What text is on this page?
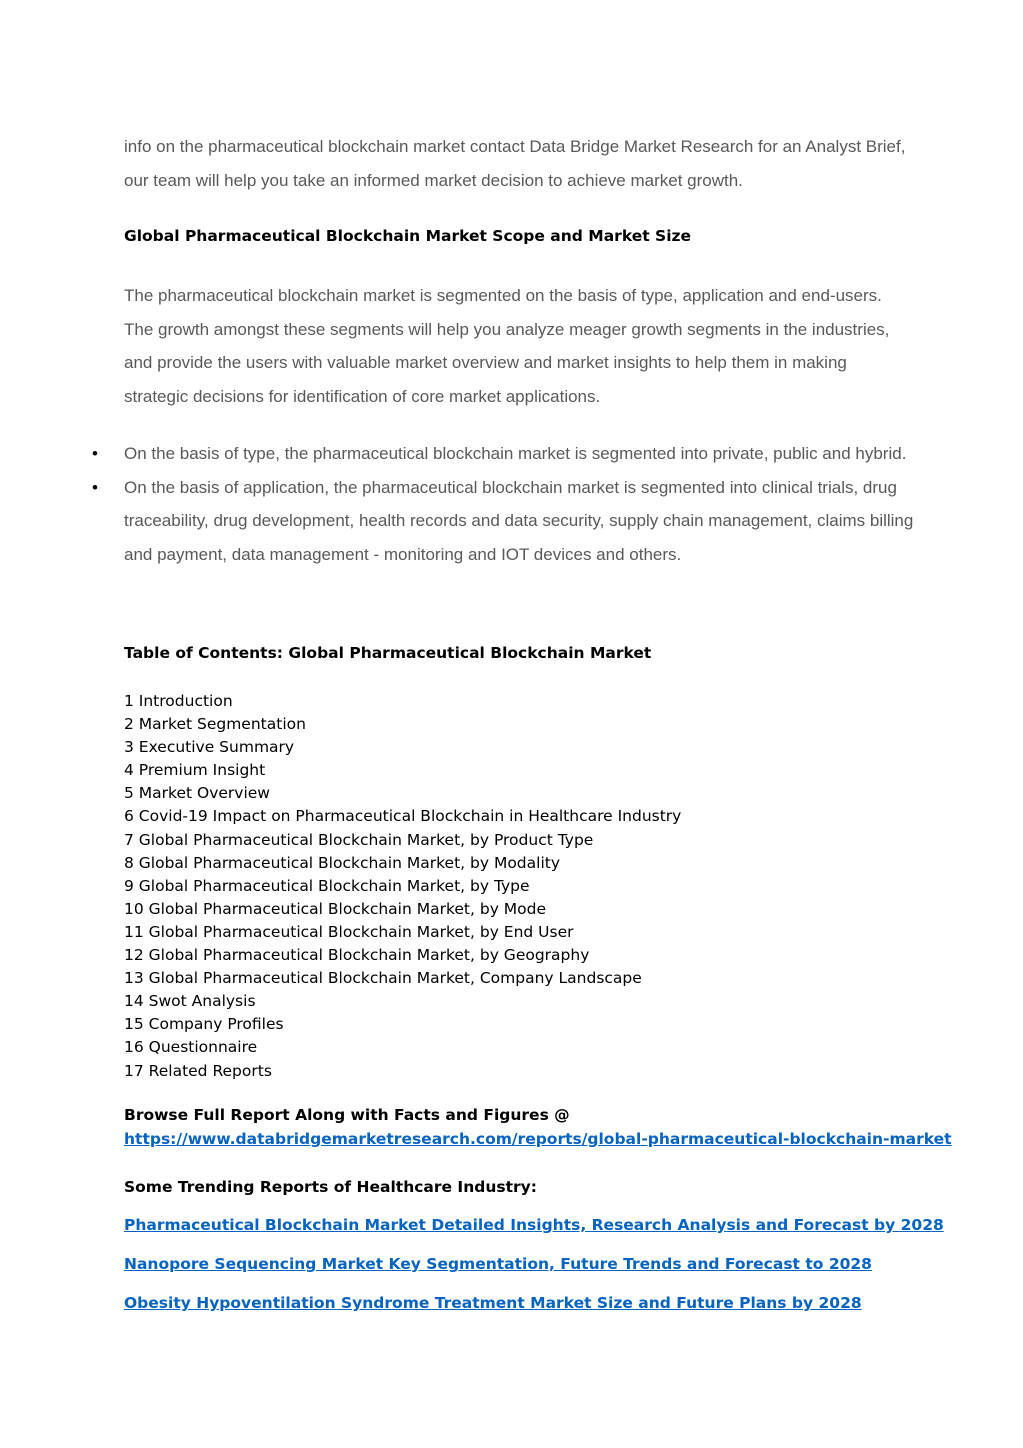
info on the pharmaceutical blockchain market contact Data Bridge Market Research for an Analyst Brief, our team will help you take an informed market decision to achieve market growth.

Global Pharmaceutical Blockchain Market Scope and Market Size

The pharmaceutical blockchain market is segmented on the basis of type, application and end-users. The growth amongst these segments will help you analyze meager growth segments in the industries, and provide the users with valuable market overview and market insights to help them in making strategic decisions for identification of core market applications.

• On the basis of type, the pharmaceutical blockchain market is segmented into private, public and hybrid.
• On the basis of application, the pharmaceutical blockchain market is segmented into clinical trials, drug traceability, drug development, health records and data security, supply chain management, claims billing and payment, data management - monitoring and IOT devices and others.

Table of Contents: Global Pharmaceutical Blockchain Market

1 Introduction
2 Market Segmentation
3 Executive Summary
4 Premium Insight
5 Market Overview
6 Covid-19 Impact on Pharmaceutical Blockchain in Healthcare Industry
7 Global Pharmaceutical Blockchain Market, by Product Type
8 Global Pharmaceutical Blockchain Market, by Modality
9 Global Pharmaceutical Blockchain Market, by Type
10 Global Pharmaceutical Blockchain Market, by Mode
11 Global Pharmaceutical Blockchain Market, by End User
12 Global Pharmaceutical Blockchain Market, by Geography
13 Global Pharmaceutical Blockchain Market, Company Landscape
14 Swot Analysis
15 Company Profiles
16 Questionnaire
17 Related Reports

Browse Full Report Along with Facts and Figures @

https://www.databridgemarketresearch.com/reports/global-pharmaceutical-blockchain-market

Some Trending Reports of Healthcare Industry:

Pharmaceutical Blockchain Market Detailed Insights, Research Analysis and Forecast by 2028

Nanopore Sequencing Market Key Segmentation, Future Trends and Forecast to 2028

Obesity Hypoventilation Syndrome Treatment Market Size and Future Plans by 2028
